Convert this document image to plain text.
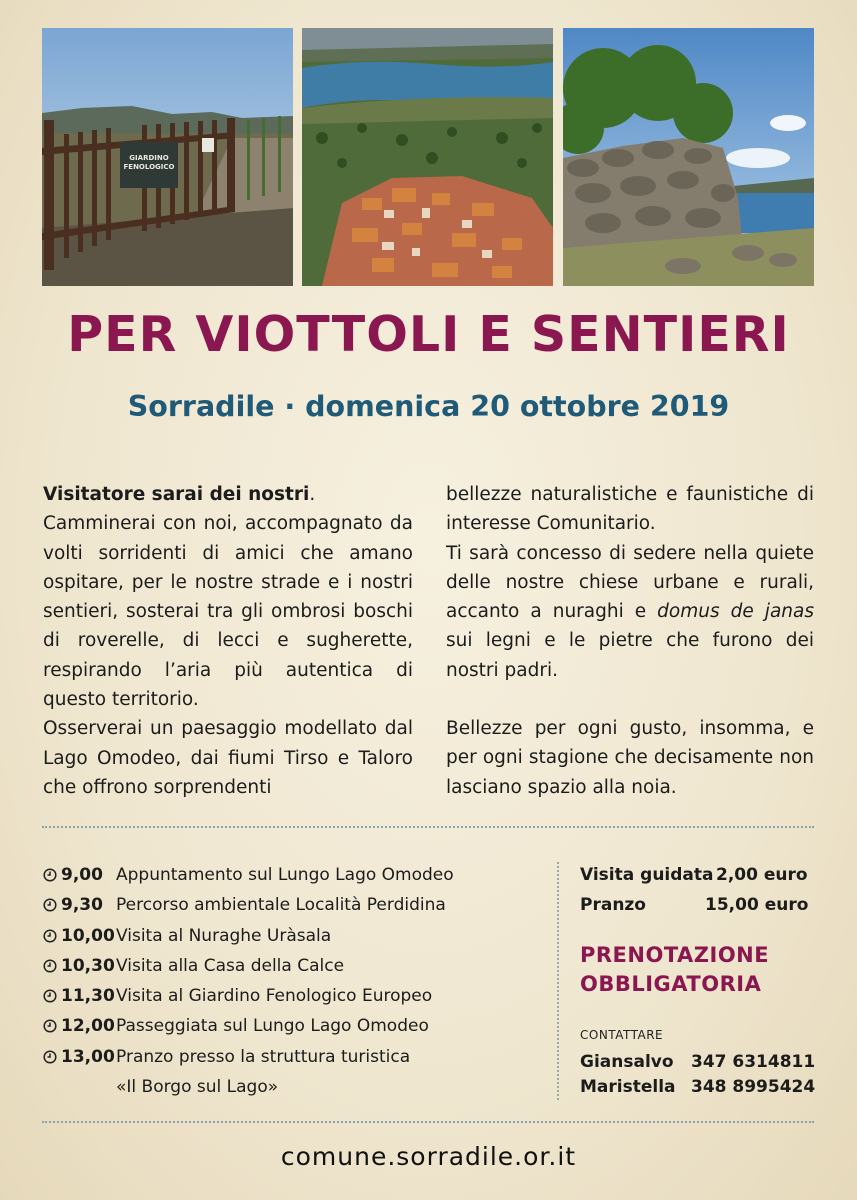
GIARDINO
FENOLOGICO
PER VIOTTOLI E SENTIERI
Sorradile · domenica 20 ottobre 2019

Visitatore sarai dei nostri.

Camminerai con noi, accompagnato da volti sorridenti di amici che amano ospitare, per le nostre strade e i nostri sentieri, sosterai tra gli ombrosi boschi di roverelle, di lecci e sugherette, respirando l’aria più autentica di questo territorio.

Osserverai un paesaggio modellato dal Lago Omodeo, dai fiumi Tirso e Taloro che offrono sorprendenti

bellezze naturalistiche e faunistiche di interesse Comunitario.

Ti sarà concesso di sedere nella quiete delle nostre chiese urbane e rurali, accanto a nuraghi e domus de janas sui legni e le pietre che furono dei nostri padri.

Bellezze per ogni gusto, insomma, e per ogni stagione che decisamente non lasciano spazio alla noia.

9,00 Appuntamento sul Lungo Lago Omodeo
9,30 Percorso ambientale Località Perdidina
10,00 Visita al Nuraghe Uràsala
10,30 Visita alla Casa della Calce
11,30 Visita al Giardino Fenologico Europeo
12,00 Passeggiata sul Lungo Lago Omodeo
13,00 Pranzo presso la struttura turistica
«Il Borgo sul Lago»
Visita guidata 2,00 euro
Pranzo	15,00 euro
PRENOTAZIONE
OBBLIGATORIA
CONTATTARE
Giansalvo 347 6314811
Maristella 348 8995424
comune.sorradile.or.it
